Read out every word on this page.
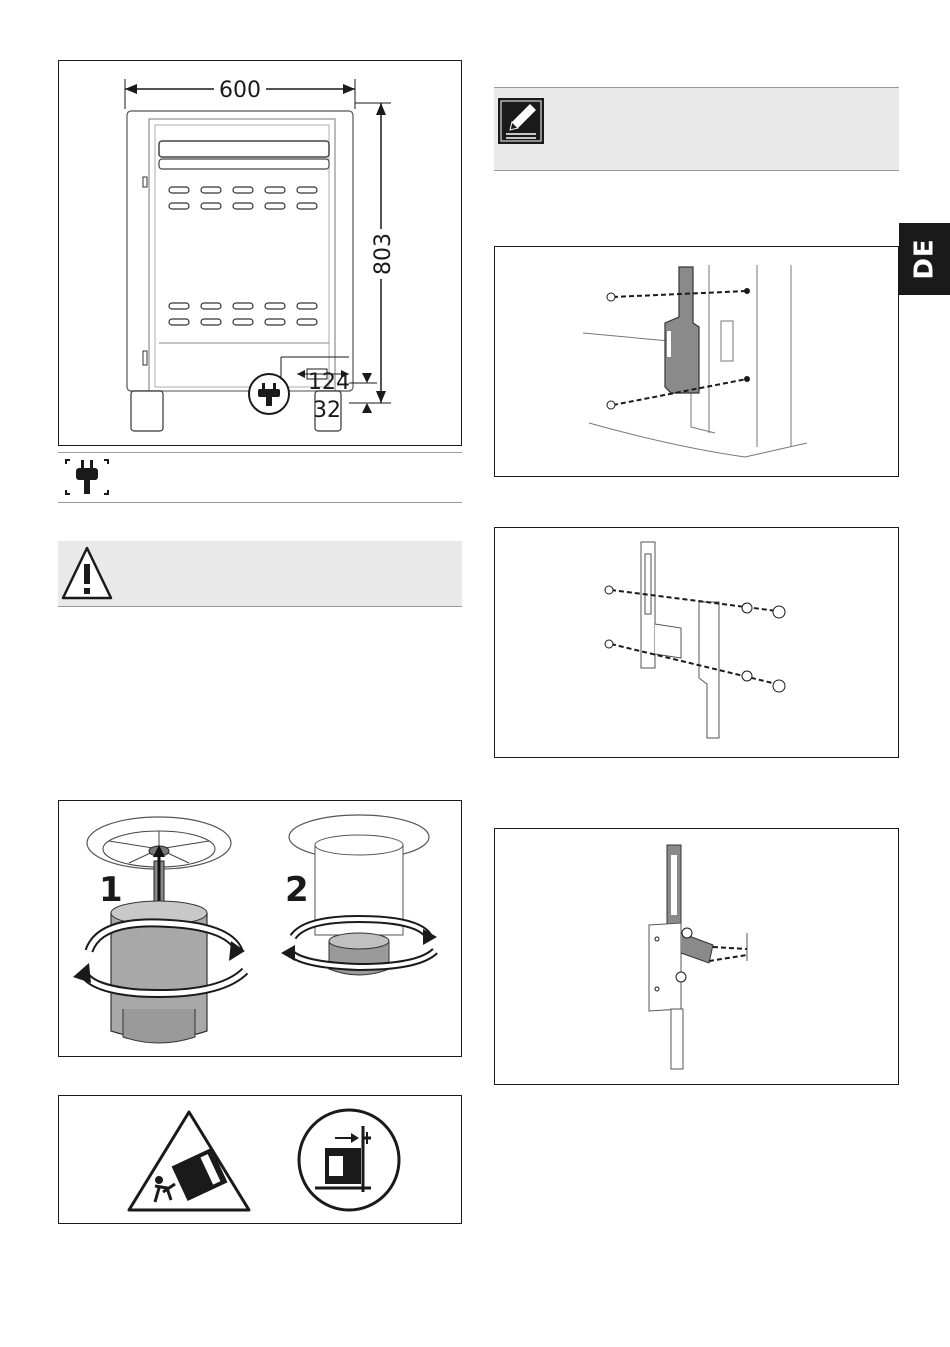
600
803
124
32
1	2
DE
